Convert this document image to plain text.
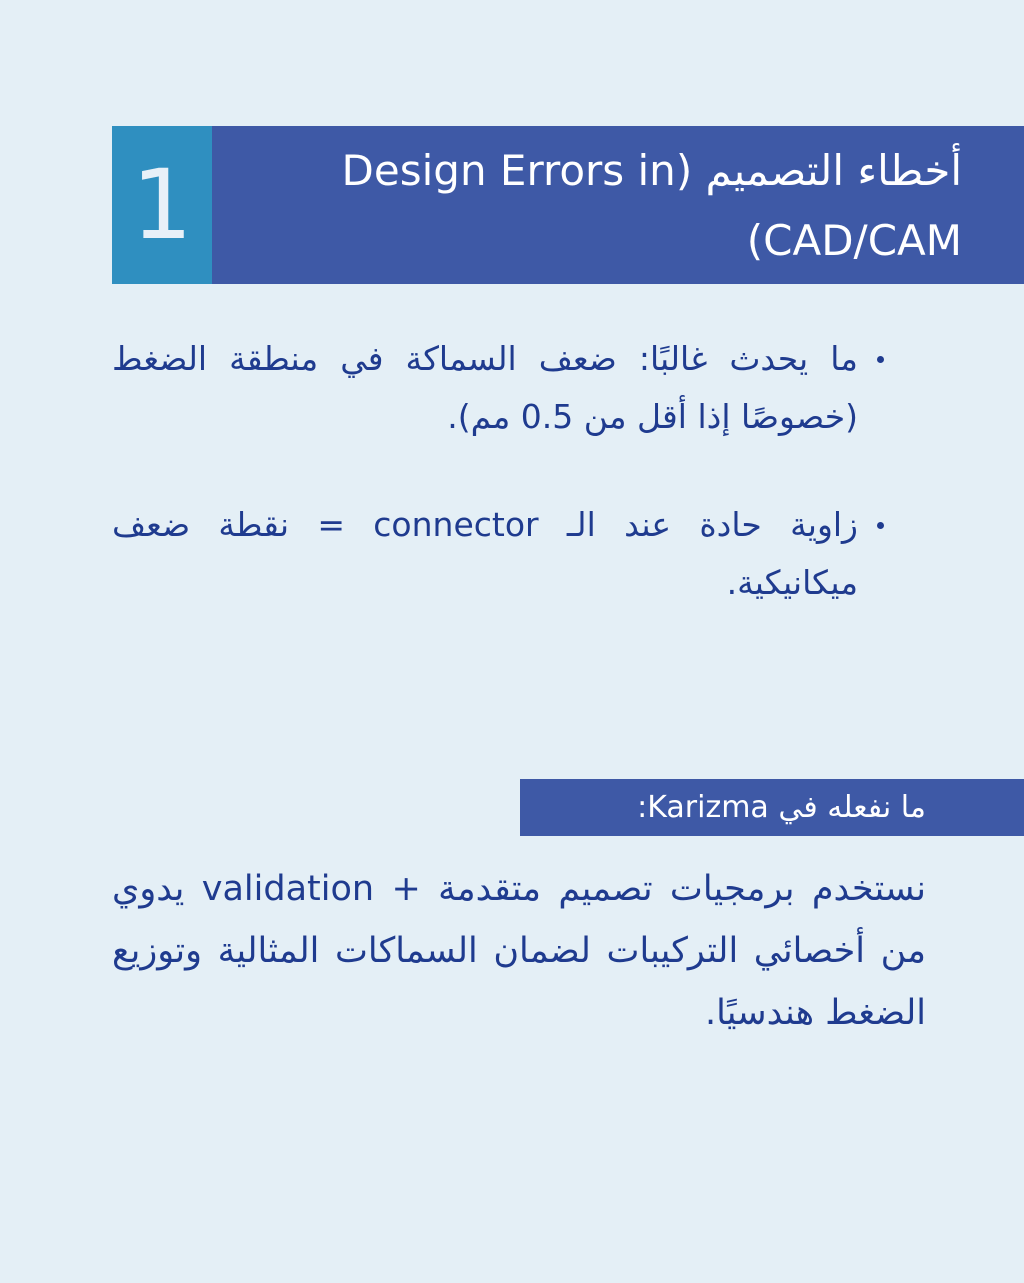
1	أخطاء التصميم (Design Errors in CAD/CAM)
ما يحدث غالبًا: ضعف السماكة في منطقة الضغط (خصوصًا إذا أقل من 0.5 مم).
زاوية حادة عند الـ connector = نقطة ضعف ميكانيكية.
ما نفعله في Karizma:

نستخدم برمجيات تصميم متقدمة + validation يدوي من أخصائي التركيبات لضمان السماكات المثالية وتوزيع الضغط هندسيًا.
